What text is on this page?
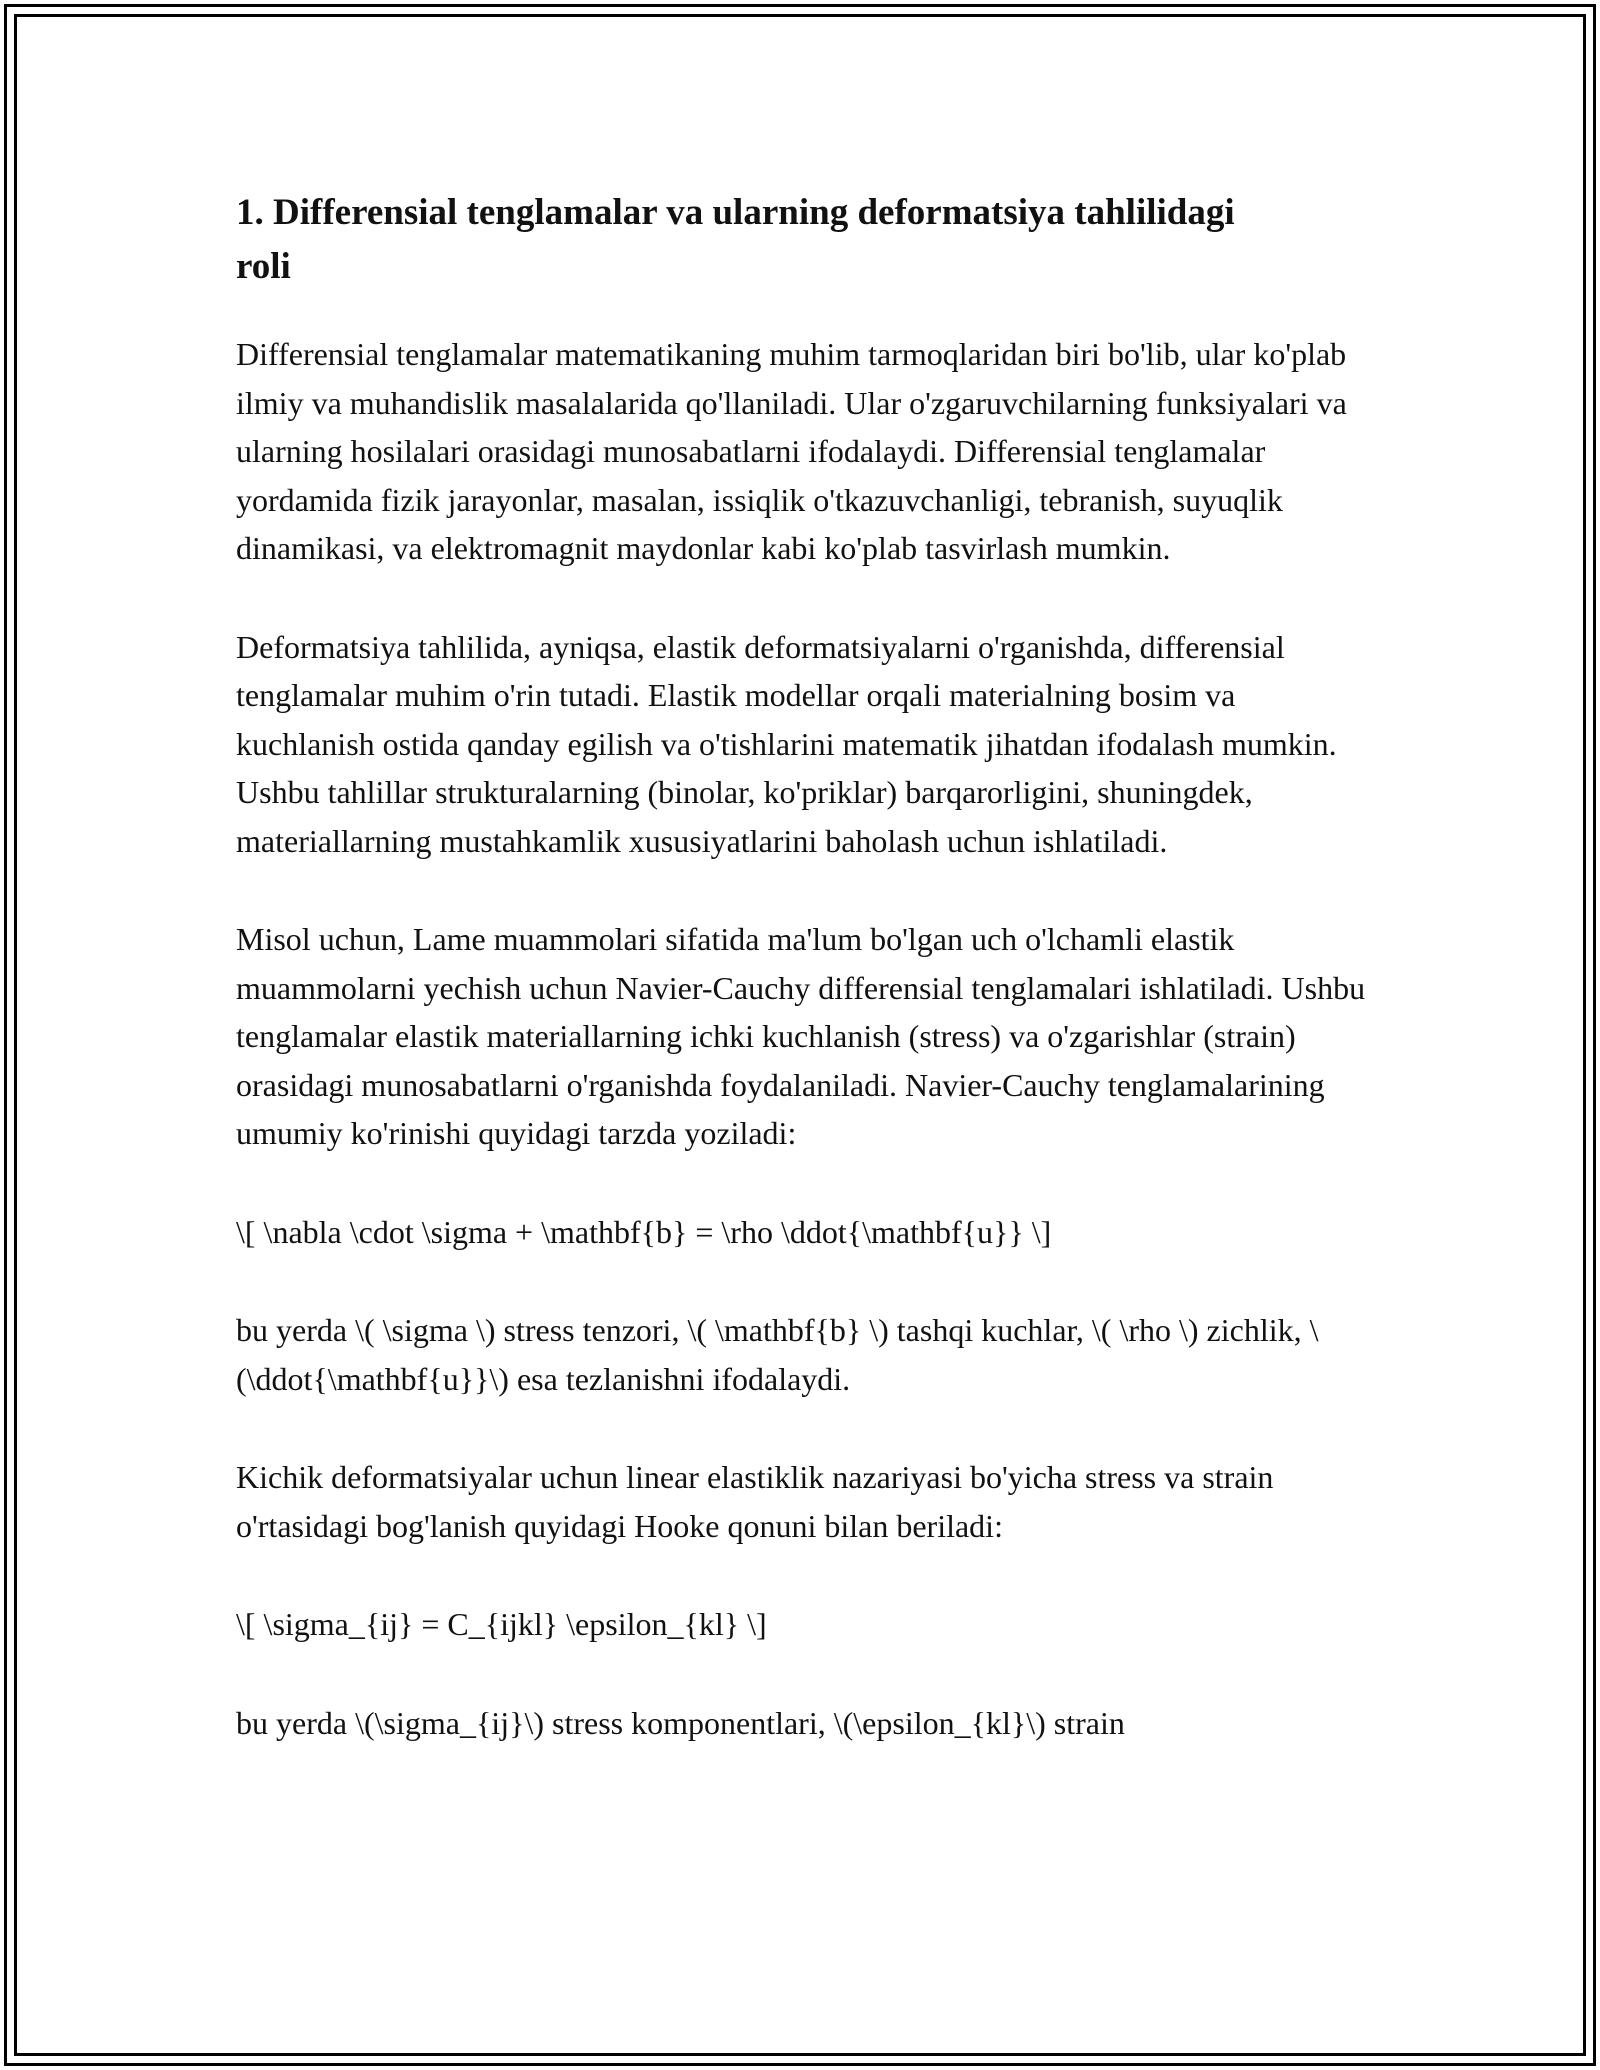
1. Differensial tenglamalar va ularning deformatsiya tahlilidagi roli

Differensial tenglamalar matematikaning muhim tarmoqlaridan biri bo'lib, ular ko'plab ilmiy va muhandislik masalalarida qo'llaniladi. Ular o'zgaruvchilarning funksiyalari va ularning hosilalari orasidagi munosabatlarni ifodalaydi. Differensial tenglamalar yordamida fizik jarayonlar, masalan, issiqlik o'tkazuvchanligi, tebranish, suyuqlik dinamikasi, va elektromagnit maydonlar kabi ko'plab tasvirlash mumkin.

Deformatsiya tahlilida, ayniqsa, elastik deformatsiyalarni o'rganishda, differensial tenglamalar muhim o'rin tutadi. Elastik modellar orqali materialning bosim va kuchlanish ostida qanday egilish va o'tishlarini matematik jihatdan ifodalash mumkin. Ushbu tahlillar strukturalarning (binolar, ko'priklar) barqarorligini, shuningdek, materiallarning mustahkamlik xususiyatlarini baholash uchun ishlatiladi.

Misol uchun, Lame muammolari sifatida ma'lum bo'lgan uch o'lchamli elastik muammolarni yechish uchun Navier-Cauchy differensial tenglamalari ishlatiladi. Ushbu tenglamalar elastik materiallarning ichki kuchlanish (stress) va o'zgarishlar (strain) orasidagi munosabatlarni o'rganishda foydalaniladi. Navier-Cauchy tenglamalarining umumiy ko'rinishi quyidagi tarzda yoziladi:

\[ \nabla \cdot \sigma + \mathbf{b} = \rho \ddot{\mathbf{u}} \]

bu yerda \( \sigma \) stress tenzori, \( \mathbf{b} \) tashqi kuchlar, \( \rho \) zichlik, \(\ddot{\mathbf{u}}\) esa tezlanishni ifodalaydi.

Kichik deformatsiyalar uchun linear elastiklik nazariyasi bo'yicha stress va strain o'rtasidagi bog'lanish quyidagi Hooke qonuni bilan beriladi:

\[ \sigma_{ij} = C_{ijkl} \epsilon_{kl} \]

bu yerda \(\sigma_{ij}\) stress komponentlari, \(\epsilon_{kl}\) strain
